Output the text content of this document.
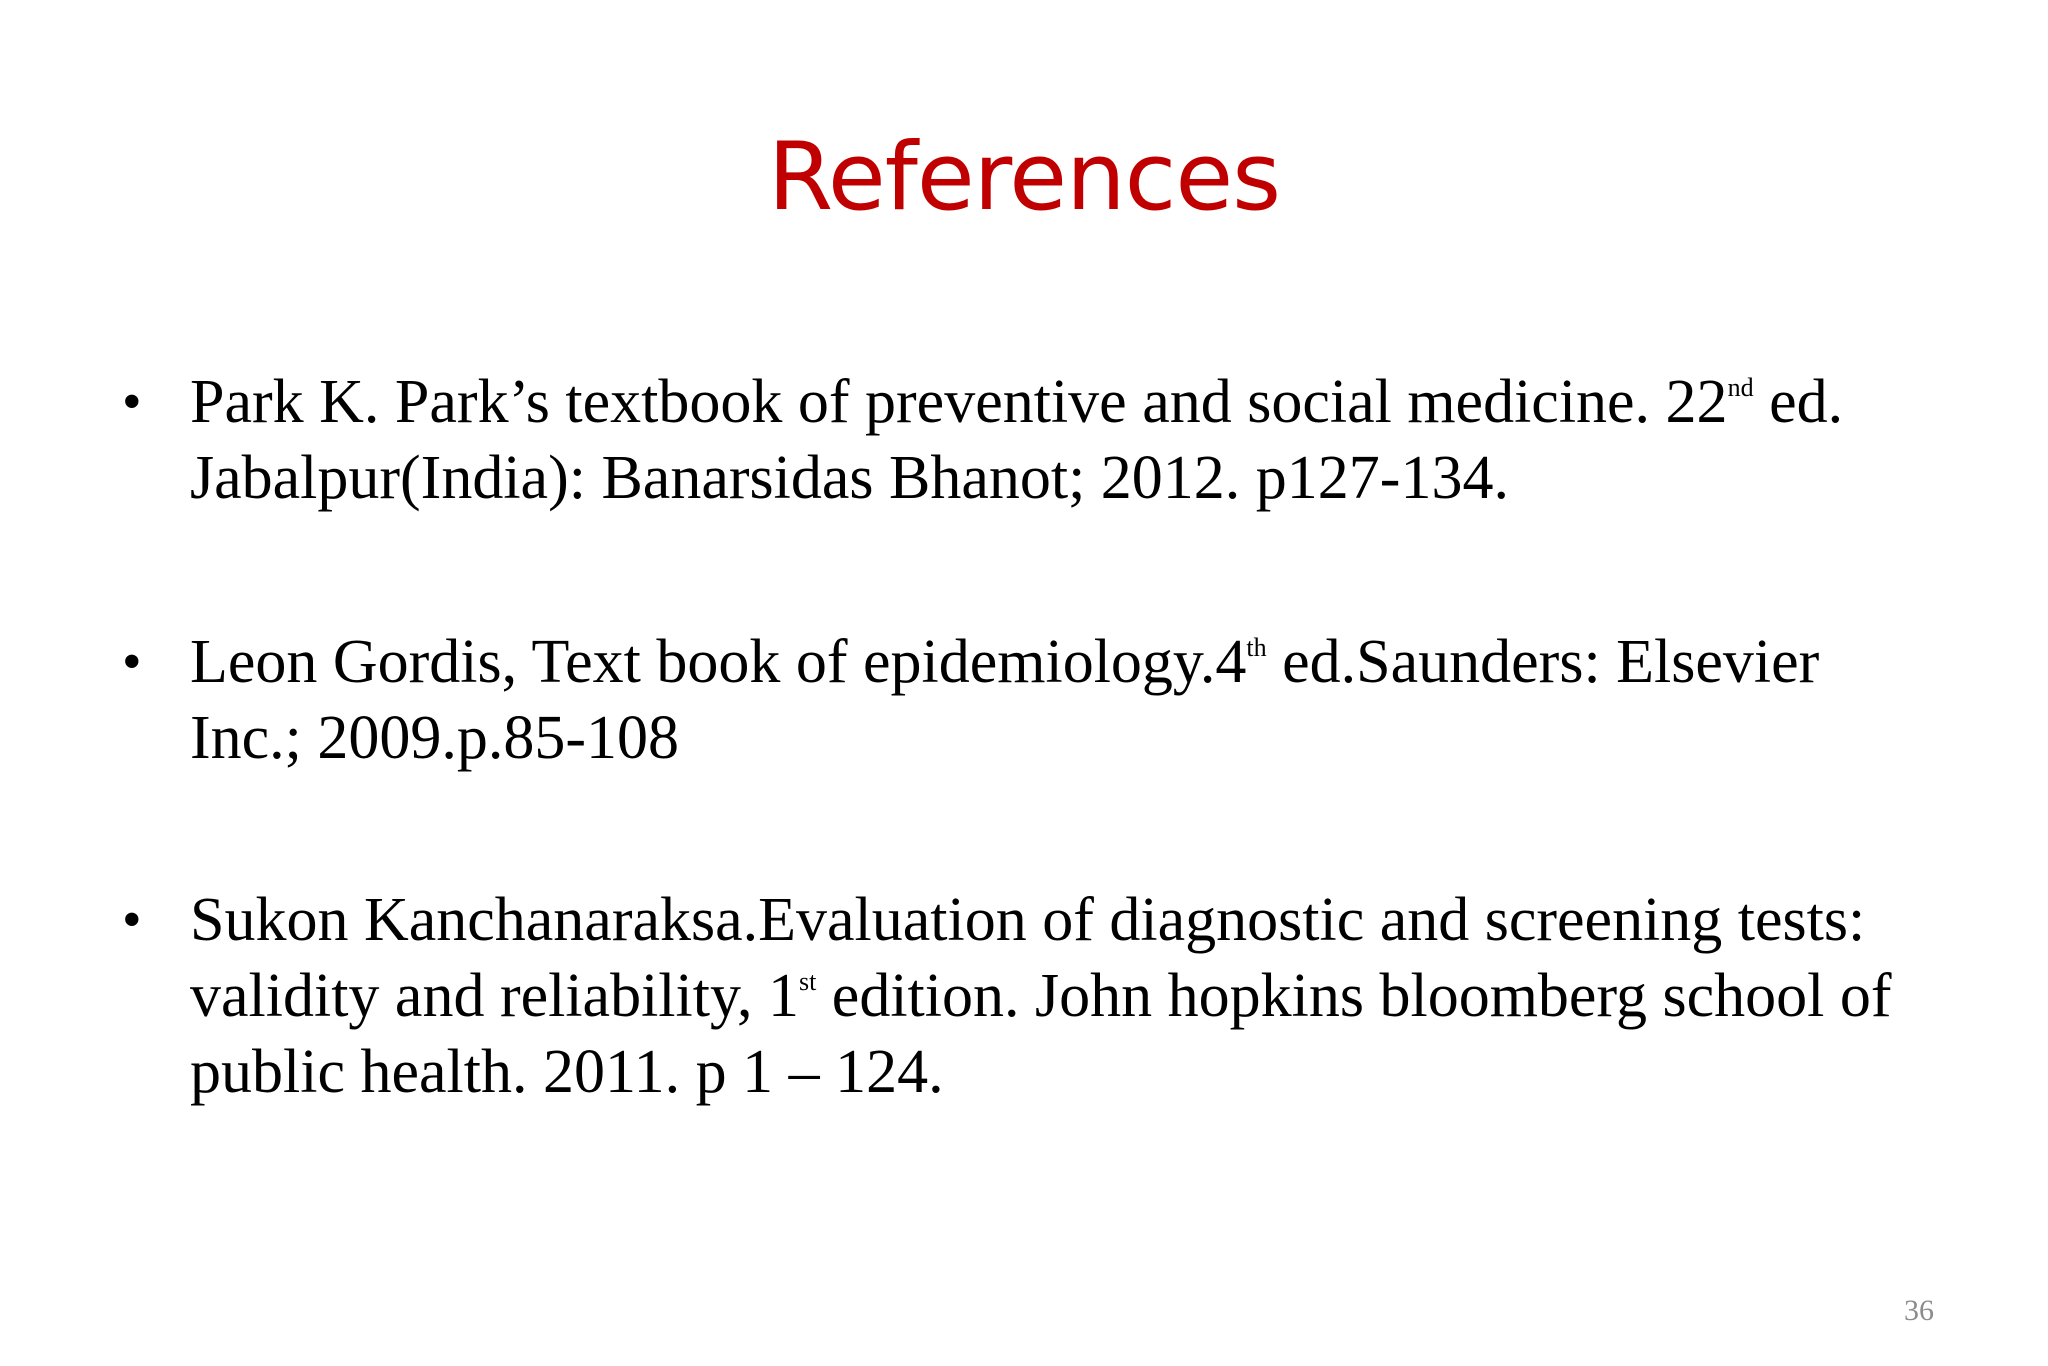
References
• Park K. Park’s textbook of preventive and social medicine. 22nd ed. Jabalpur(India): Banarsidas Bhanot; 2012. p127-134.
• Leon Gordis, Text book of epidemiology.4th ed.Saunders: Elsevier Inc.; 2009.p.85-108
• Sukon Kanchanaraksa.Evaluation of diagnostic and screening tests: validity and reliability, 1st edition. John hopkins bloomberg school of public health. 2011. p 1 – 124.
36
